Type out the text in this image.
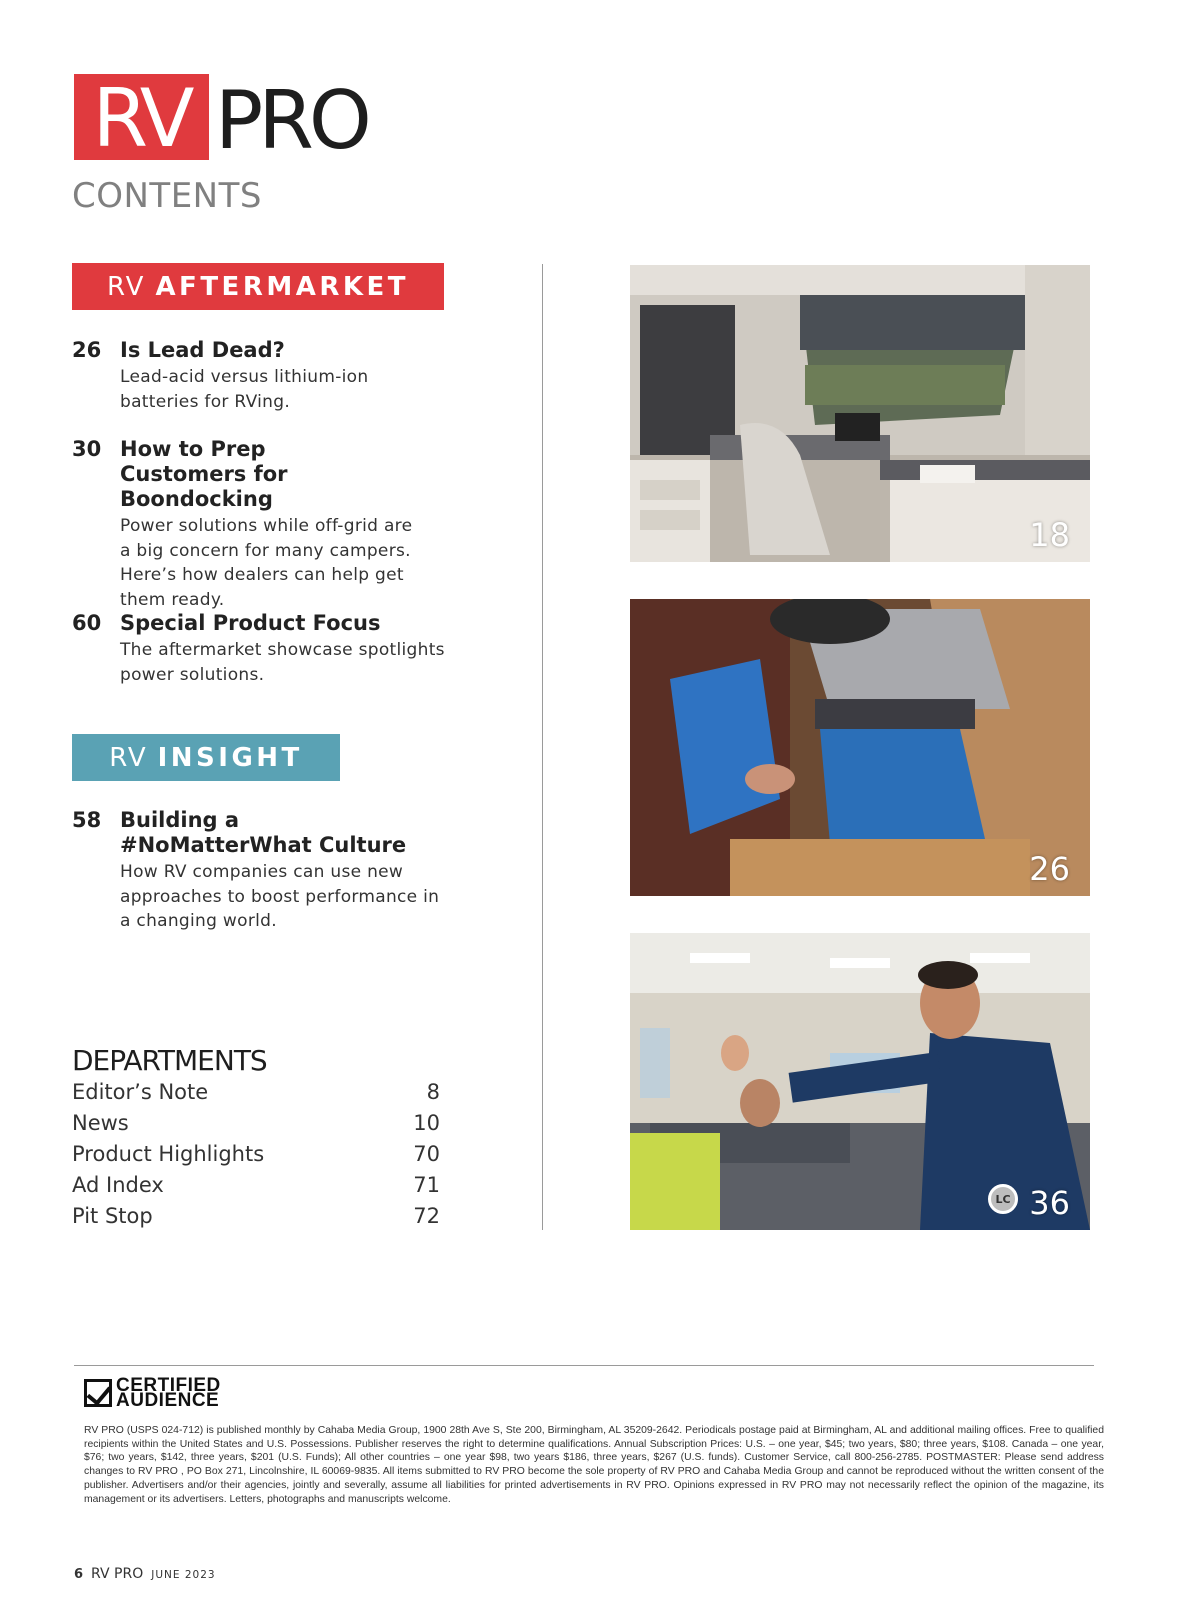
RV PRO
CONTENTS
RV AFTERMARKET
26 Is Lead Dead?
Lead-acid versus lithium-ion batteries for RVing.
30 How to Prep Customers for Boondocking
Power solutions while off-grid are a big concern for many campers. Here’s how dealers can help get them ready.
60 Special Product Focus
The aftermarket showcase spotlights power solutions.
RV INSIGHT
58 Building a #NoMatterWhat Culture
How RV companies can use new approaches to boost performance in a changing world.
DEPARTMENTS
Editor’s Note	8
News	10
Product Highlights	70
Ad Index	71
Pit Stop	72
18
26
LC 36
CERTIFIED
AUDIENCE
RV PRO (USPS 024-712) is published monthly by Cahaba Media Group, 1900 28th Ave S, Ste 200, Birmingham, AL 35209-2642. Periodicals postage paid at Birmingham, AL and additional mailing offices. Free to qualified recipients within the United States and U.S. Possessions. Publisher reserves the right to determine qualifications. Annual Subscription Prices: U.S. – one year, $45; two years, $80; three years, $108. Canada – one year, $76; two years, $142, three years, $201 (U.S. Funds); All other countries – one year $98, two years $186, three years, $267 (U.S. funds). Customer Service, call 800-256-2785. POSTMASTER: Please send address changes to RV PRO , PO Box 271, Lincolnshire, IL 60069-9835. All items submitted to RV PRO become the sole property of RV PRO and Cahaba Media Group and cannot be reproduced without the written consent of the publisher. Advertisers and/or their agencies, jointly and severally, assume all liabilities for printed advertisements in RV PRO. Opinions expressed in RV PRO may not necessarily reflect the opinion of the magazine, its management or its advertisers. Letters, photographs and manuscripts welcome.
6 RV PRO JUNE 2023
